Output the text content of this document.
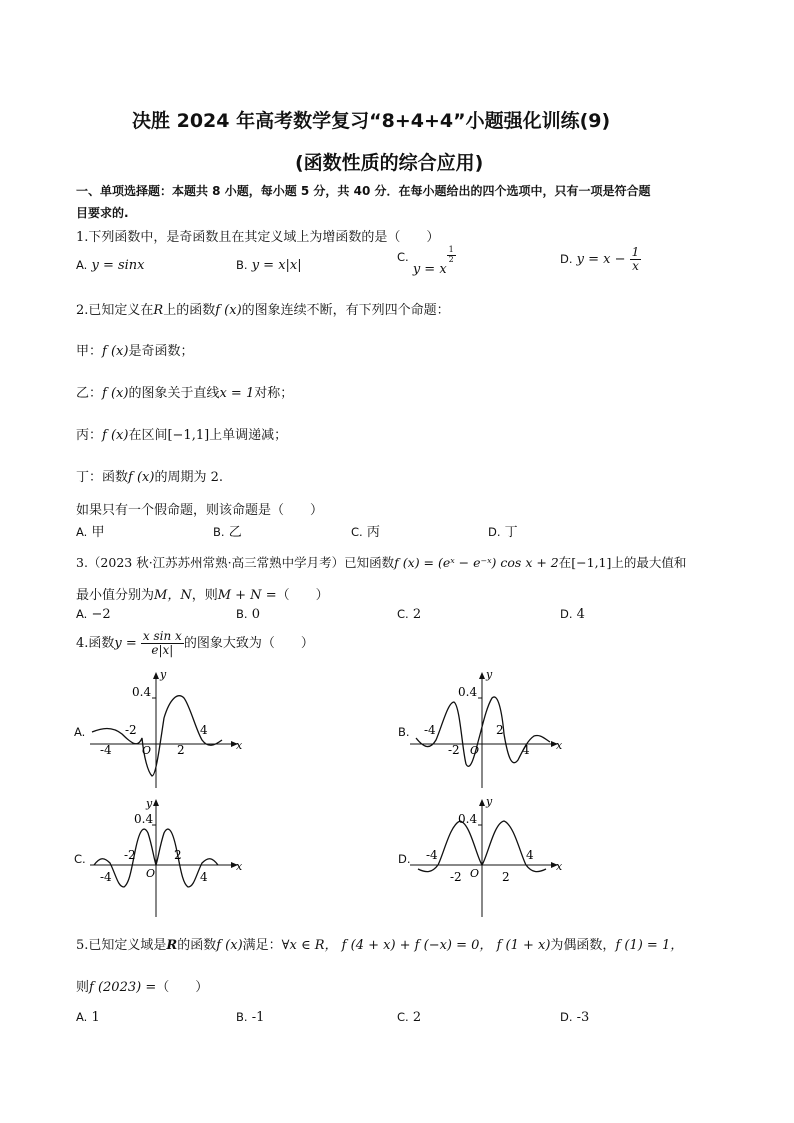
决胜 2024 年高考数学复习“8+4+4”小题强化训练(9)
(函数性质的综合应用)
一、单项选择题：本题共 8 小题，每小题 5 分，共 40 分．在每小题给出的四个选项中，只有一项是符合题
目要求的.
1.下列函数中，是奇函数且在其定义域上为增函数的是（　　）
A. y = sinx	B. y = x|x|
C. y = x
$\frac{1}{2}$	D. $y = x - \frac{1}{x}$
2.已知定义在R上的函数f (x)的图象连续不断，有下列四个命题：
甲：f (x)是奇函数；
乙：f (x)的图象关于直线x = 1对称；
丙：f (x)在区间[−1,1]上单调递减；
丁：函数f (x)的周期为 2.
如果只有一个假命题，则该命题是（　　）
A. 甲	B. 乙	C. 丙	D. 丁
3.（2023 秋·江苏苏州常熟·高三常熟中学月考）已知函数f (x) = (eˣ − e⁻ˣ) cos x + 2在[−1,1]上的最大值和
最小值分别为M，N，则M + N =（　　）
A. −2	B. 0	C. 2	D. 4
4.函数$y = \frac{\text{x sin x}}{e|x|}$ 的图象大致为（　　）
A.	B.
C.	D.
x
y
O
0.4
-4
-2
2
4
x
y
O
0.4
-4
-2
2
4
x
y
O
0.4
-4
-2	2
4
x
y
O
0.4
-4
-2	2
4
5.已知定义域是R的函数f (x)满足：∀x ∈ R， f (4 + x) + f (−x) = 0， f (1 + x)为偶函数，f (1) = 1，
则f (2023) =（　　）
A. 1	B. -1	C. 2	D. -3
